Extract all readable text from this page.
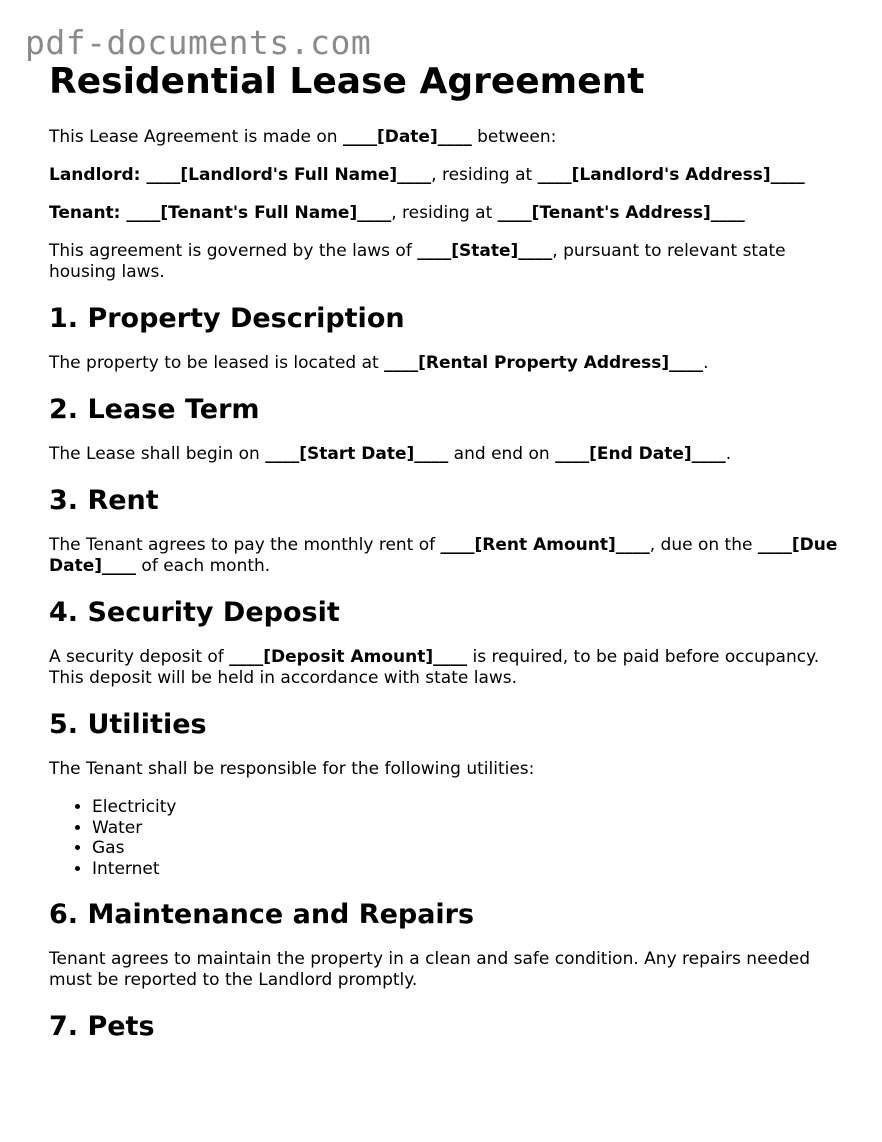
pdf-documents.com
Residential Lease Agreement

This Lease Agreement is made on ____[Date]____ between:

Landlord: ____[Landlord's Full Name]____, residing at ____[Landlord's Address]____

Tenant: ____[Tenant's Full Name]____, residing at ____[Tenant's Address]____

This agreement is governed by the laws of ____[State]____, pursuant to relevant state housing laws.

1. Property Description

The property to be leased is located at ____[Rental Property Address]____.

2. Lease Term

The Lease shall begin on ____[Start Date]____ and end on ____[End Date]____.

3. Rent

The Tenant agrees to pay the monthly rent of ____[Rent Amount]____, due on the ____[Due Date]____ of each month.

4. Security Deposit

A security deposit of ____[Deposit Amount]____ is required, to be paid before occupancy. This deposit will be held in accordance with state laws.

5. Utilities

The Tenant shall be responsible for the following utilities:

• Electricity
• Water
• Gas
• Internet
6. Maintenance and Repairs

Tenant agrees to maintain the property in a clean and safe condition. Any repairs needed must be reported to the Landlord promptly.

7. Pets
